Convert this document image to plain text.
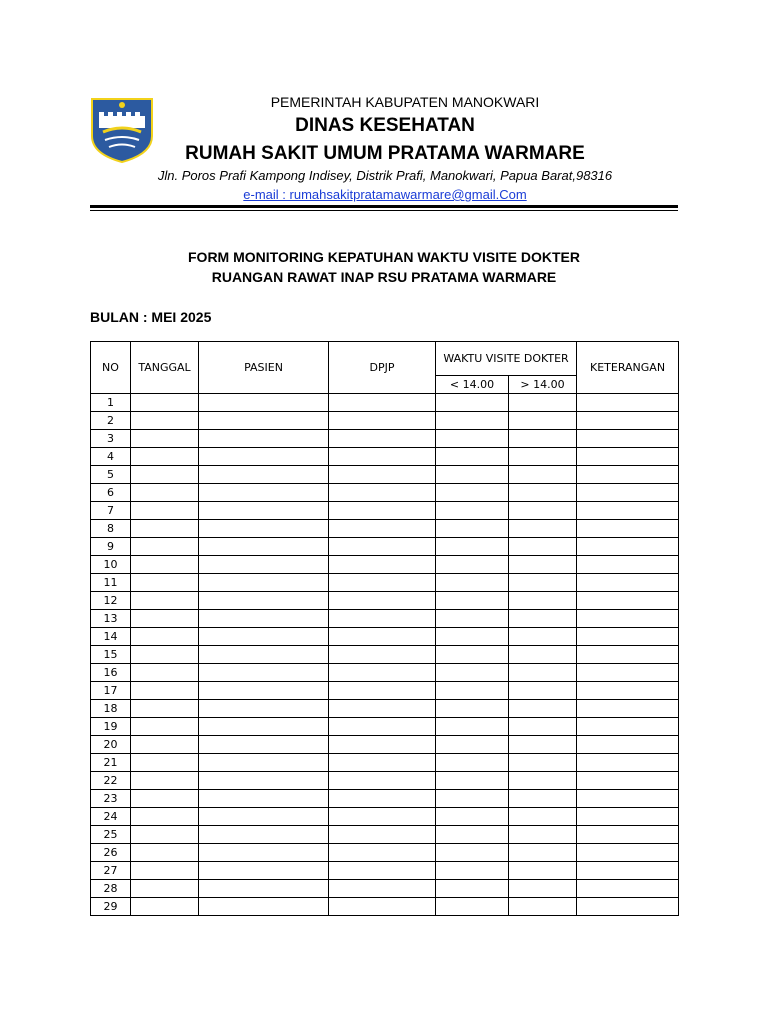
PEMERINTAH KABUPATEN MANOKWARI
DINAS KESEHATAN
RUMAH SAKIT UMUM PRATAMA WARMARE
Jln. Poros Prafi Kampong Indisey, Distrik Prafi, Manokwari, Papua Barat,98316
e-mail : rumahsakitpratamawarmare@gmail.Com
FORM MONITORING KEPATUHAN WAKTU VISITE DOKTER
RUANGAN RAWAT INAP RSU PRATAMA WARMARE
BULAN : MEI 2025
NO	TANGGAL	PASIEN	DPJP	WAKTU VISITE DOKTER		KETERANGAN
				< 14.00	> 14.00	
1						
2						
3						
4						
5						
6						
7						
8						
9						
10						
11						
12						
13						
14						
15						
16						
17						
18						
19						
20						
21						
22						
23						
24						
25						
26						
27						
28						
29						
